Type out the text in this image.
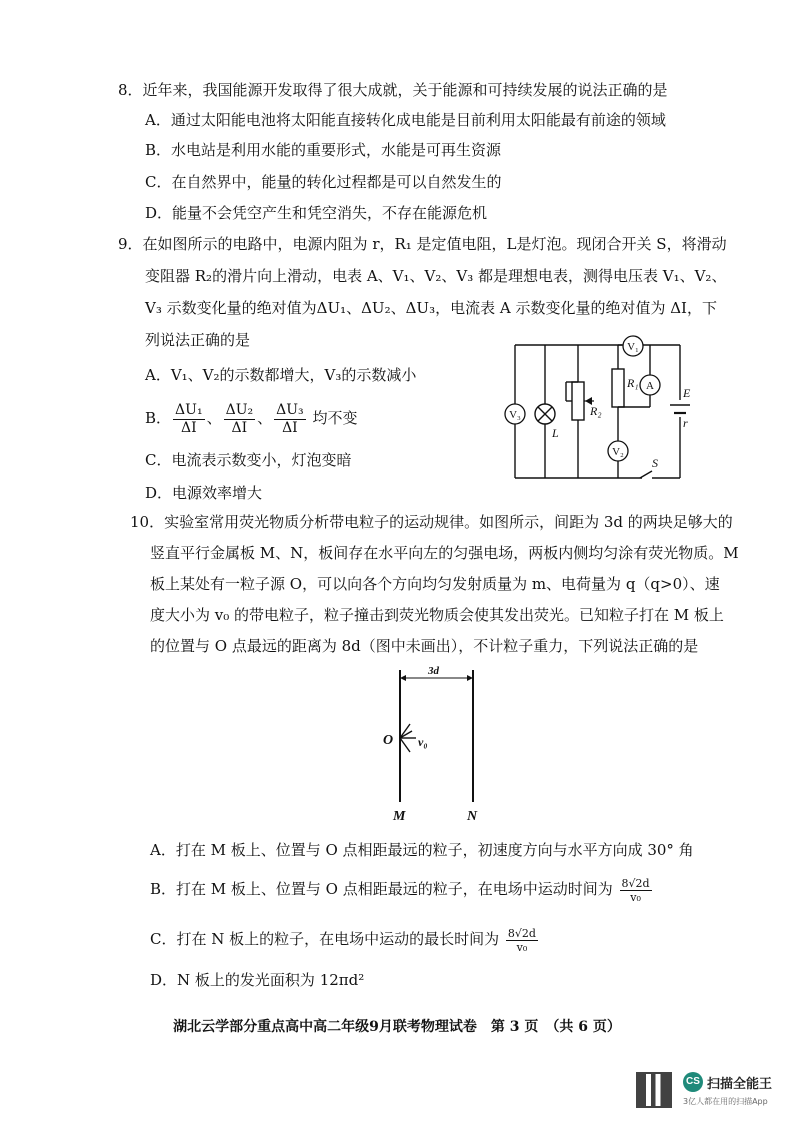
8．近年来，我国能源开发取得了很大成就，关于能源和可持续发展的说法正确的是
A．通过太阳能电池将太阳能直接转化成电能是目前利用太阳能最有前途的领域
B．水电站是利用水能的重要形式，水能是可再生资源
C．在自然界中，能量的转化过程都是可以自然发生的
D．能量不会凭空产生和凭空消失，不存在能源危机
9．在如图所示的电路中，电源内阻为 r，R₁ 是定值电阻，L是灯泡。现闭合开关 S，将滑动
变阻器 R₂的滑片向上滑动，电表 A、V₁、V₂、V₃ 都是理想电表，测得电压表 V₁、V₂、
V₃ 示数变化量的绝对值为ΔU₁、ΔU₂、ΔU₃，电流表 A 示数变化量的绝对值为 ΔI，下
列说法正确的是
A．V₁、V₂的示数都增大，V₃的示数减小
B． $\frac{\text{ΔU₁}}{\Delta I}$ 、 $\frac{\text{ΔU₂}}{\Delta I}$ 、 $\frac{\text{ΔU₃}}{\Delta I}$ 均不变
C．电流表示数变小，灯泡变暗
D．电源效率增大
V₁
A
V₂
V₃
R₁
R₂
L
E
r
S
10．实验室常用荧光物质分析带电粒子的运动规律。如图所示，间距为 3d 的两块足够大的
竖直平行金属板 M、N，板间存在水平向左的匀强电场，两板内侧均匀涂有荧光物质。M
板上某处有一粒子源 O，可以向各个方向均匀发射质量为 m、电荷量为 q（q>0）、速
度大小为 v₀ 的带电粒子，粒子撞击到荧光物质会使其发出荧光。已知粒子打在 M 板上
的位置与 O 点最远的距离为 8d（图中未画出），不计粒子重力，下列说法正确的是
3d
O v₀
M	N
A．打在 M 板上、位置与 O 点相距最远的粒子，初速度方向与水平方向成 30° 角
B．打在 M 板上、位置与 O 点相距最远的粒子，在电场中运动时间为 $\frac{8√2d}{\text{v₀}}$
C．打在 N 板上的粒子，在电场中运动的最长时间为 $\frac{8√2d}{\text{v₀}}$
D．N 板上的发光面积为 12πd²
湖北云学部分重点高中高二年级9月联考物理试卷　第 3 页　（共 6 页）
CS 扫描全能王
3亿人都在用的扫描App
